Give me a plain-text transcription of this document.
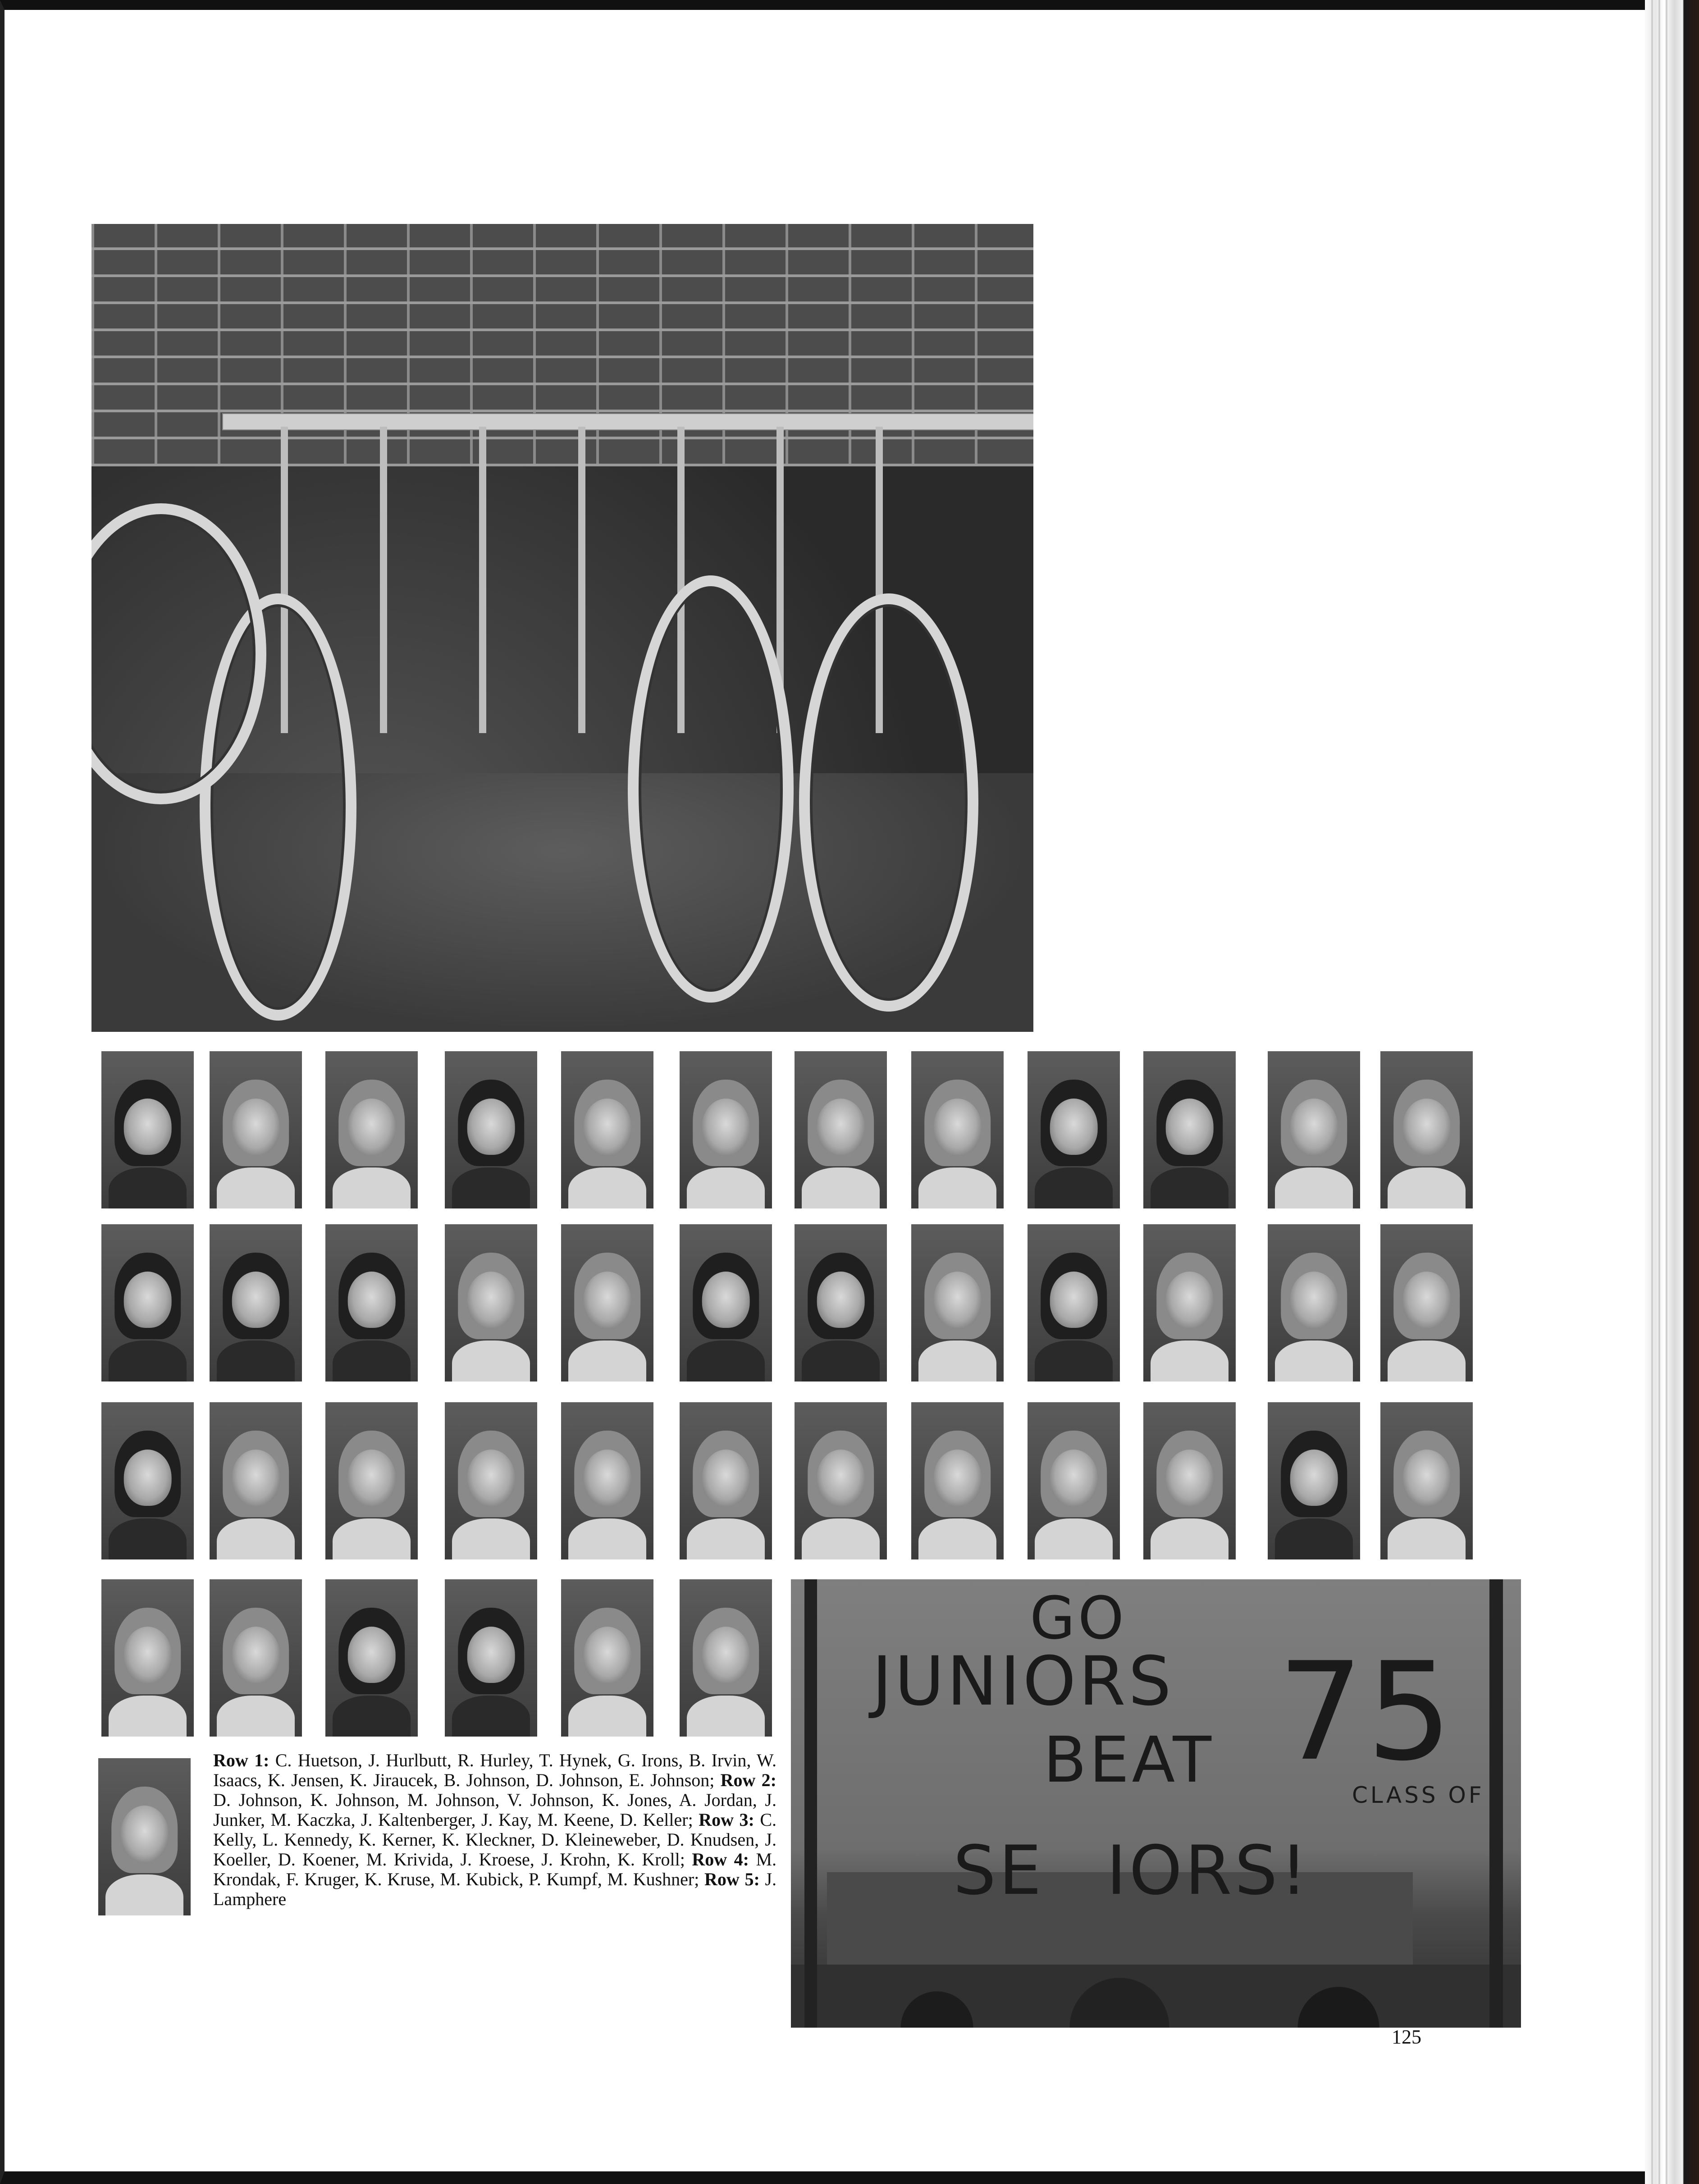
GO
JUNIORS
BEAT
SE IORS!
75
CLASS OF
Row 1: C. Huetson, J. Hurlbutt, R. Hurley, T. Hynek, G. Irons, B. Irvin, W. Isaacs, K. Jensen, K. Jiraucek, B. Johnson, D. Johnson, E. Johnson; Row 2: D. Johnson, K. Johnson, M. Johnson, V. Johnson, K. Jones, A. Jordan, J. Junker, M. Kaczka, J. Kaltenberger, J. Kay, M. Keene, D. Keller; Row 3: C. Kelly, L. Kennedy, K. Kerner, K. Kleckner, D. Kleineweber, D. Knudsen, J. Koeller, D. Koener, M. Krivida, J. Kroese, J. Krohn, K. Kroll; Row 4: M. Krondak, F. Kruger, K. Kruse, M. Kubick, P. Kumpf, M. Kushner; Row 5: J. Lamphere
125
